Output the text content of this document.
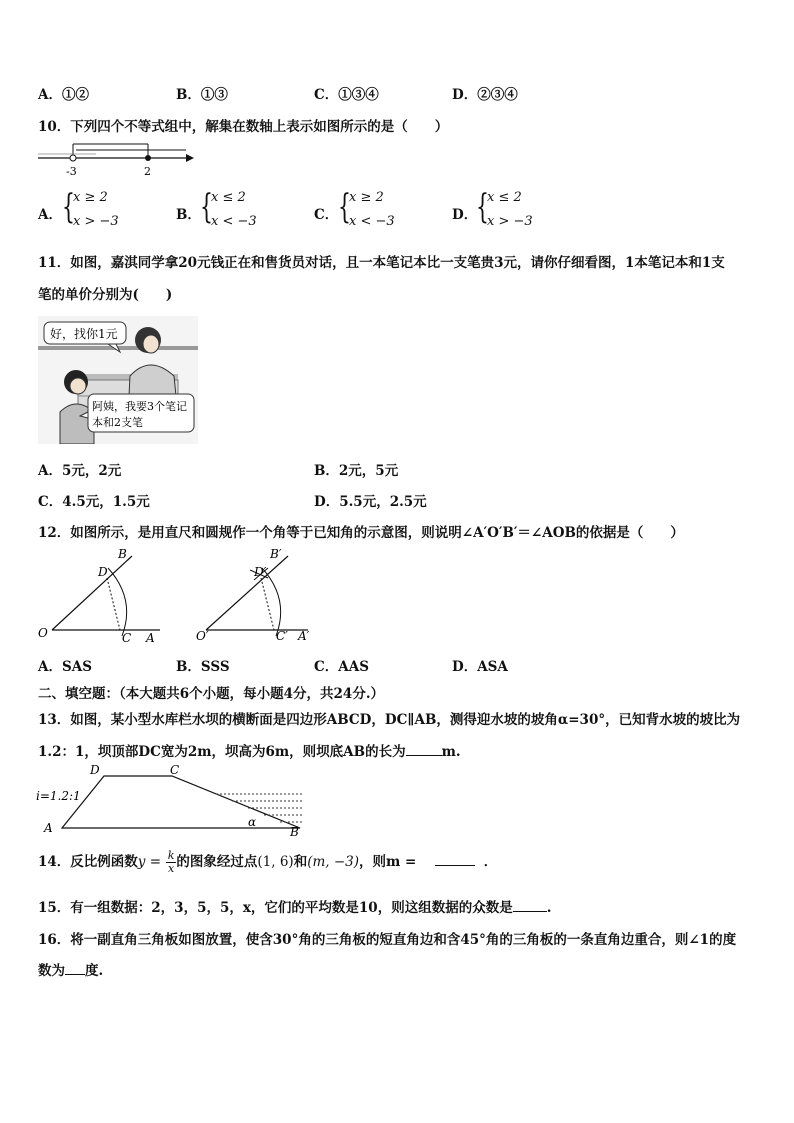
A．①②	B．①③	C．①③④	D．②③④
10．下列四个不等式组中，解集在数轴上表示如图所示的是（　　）
-3	2
A． {
x ≥ 2
x > −3	B． {
x ≤ 2
x < −3	C． {
x ≥ 2
x < −3	D．
{
x ≤ 2
x > −3
11．如图，嘉淇同学拿20元钱正在和售货员对话，且一本笔记本比一支笔贵3元，请你仔细看图，1本笔记本和1支
笔的单价分别为(　　)
好，找你1元
阿姨，我要3个笔记
本和2支笔
A．5元，2元	B．2元，5元
C．4.5元，1.5元	D．5.5元，2.5元
12．如图所示，是用直尺和圆规作一个角等于已知角的示意图，则说明∠A′O′B′＝∠AOB的依据是（　　）
B
D
O	C A
B′
D′
O′	C′ A′
A．SAS	B．SSS	C．AAS	D．ASA
二、填空题：（本大题共6个小题，每小题4分，共24分.）
13．如图，某小型水库栏水坝的横断面是四边形ABCD，DC∥AB，测得迎水坡的坡角α=30°，已知背水坡的坡比为
1.2：1，坝顶部DC宽为2m，坝高为6m，则坝底AB的长为	m.
D	C
A	B
α
i=1.2:1
14．反比例函数$y = \frac{k}{x}$ 的图象经过点(1, 6)和(m, −3)，则m =	．
15．有一组数据：2，3，5，5，x，它们的平均数是10，则这组数据的众数是	.
16．将一副直角三角板如图放置，使含30°角的三角板的短直角边和含45°角的三角板的一条直角边重合，则∠1的度
数为 度.
